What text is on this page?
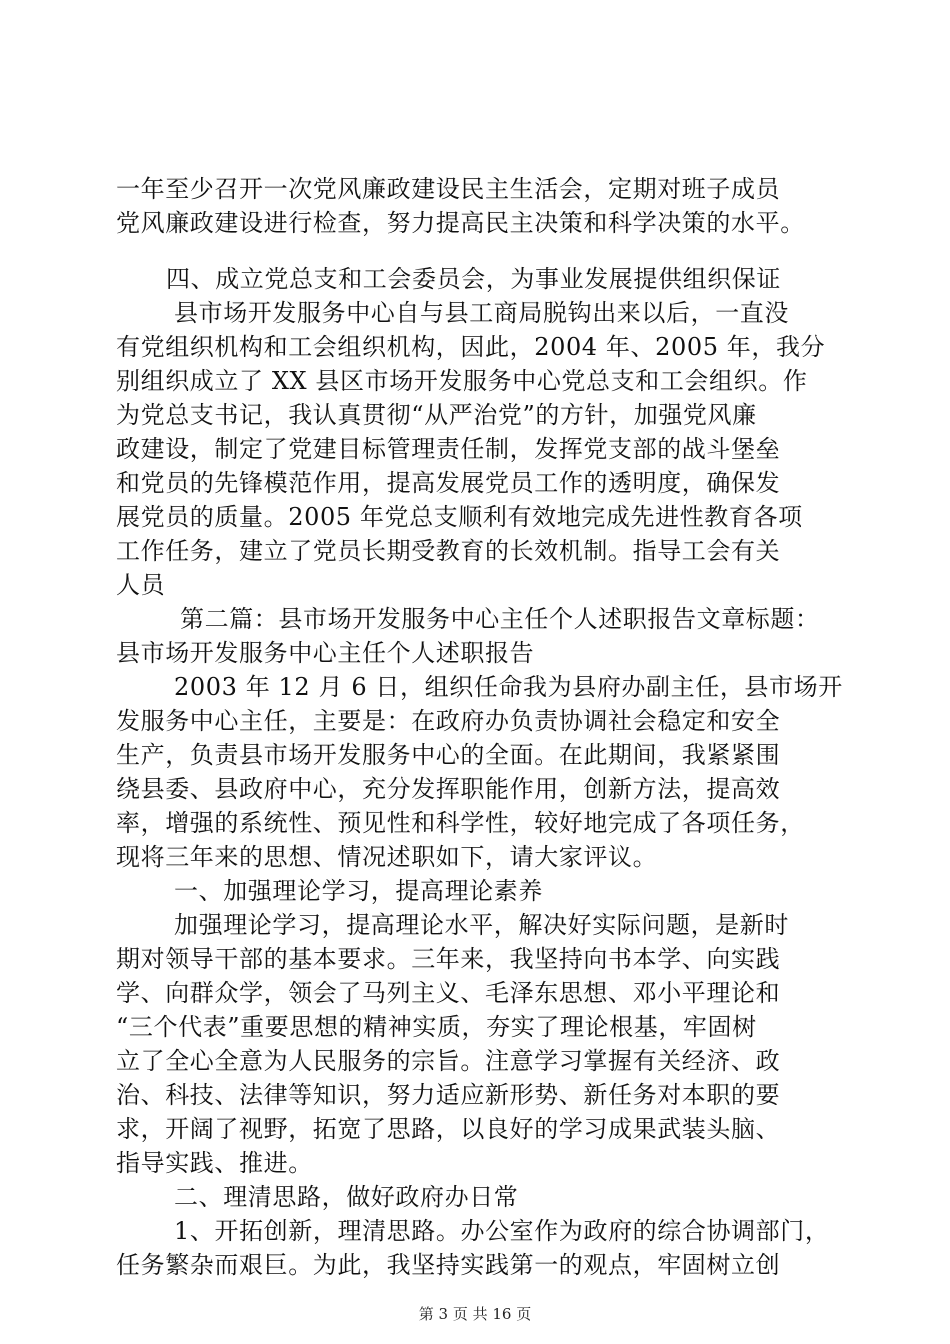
一年至少召开一次党风廉政建设民主生活会，定期对班子成员
党风廉政建设进行检查，努力提高民主决策和科学决策的水平。
四、成立党总支和工会委员会，为事业发展提供组织保证
县市场开发服务中心自与县工商局脱钩出来以后，一直没
有党组织机构和工会组织机构，因此，2004 年、2005 年，我分
别组织成立了 XX 县区市场开发服务中心党总支和工会组织。作
为党总支书记，我认真贯彻“从严治党”的方针，加强党风廉
政建设，制定了党建目标管理责任制，发挥党支部的战斗堡垒
和党员的先锋模范作用，提高发展党员工作的透明度，确保发
展党员的质量。2005 年党总支顺利有效地完成先进性教育各项
工作任务，建立了党员长期受教育的长效机制。指导工会有关
人员
第二篇：县市场开发服务中心主任个人述职报告文章标题：
县市场开发服务中心主任个人述职报告
2003 年 12 月 6 日，组织任命我为县府办副主任，县市场开
发服务中心主任，主要是：在政府办负责协调社会稳定和安全
生产，负责县市场开发服务中心的全面。在此期间，我紧紧围
绕县委、县政府中心，充分发挥职能作用，创新方法，提高效
率，增强的系统性、预见性和科学性，较好地完成了各项任务，
现将三年来的思想、情况述职如下，请大家评议。
一、加强理论学习，提高理论素养
加强理论学习，提高理论水平，解决好实际问题，是新时
期对领导干部的基本要求。三年来，我坚持向书本学、向实践
学、向群众学，领会了马列主义、毛泽东思想、邓小平理论和
“三个代表”重要思想的精神实质，夯实了理论根基，牢固树
立了全心全意为人民服务的宗旨。注意学习掌握有关经济、政
治、科技、法律等知识，努力适应新形势、新任务对本职的要
求，开阔了视野，拓宽了思路，以良好的学习成果武装头脑、
指导实践、推进。
二、理清思路，做好政府办日常
1、开拓创新，理清思路。办公室作为政府的综合协调部门，
任务繁杂而艰巨。为此，我坚持实践第一的观点，牢固树立创
第 3 页 共 16 页
